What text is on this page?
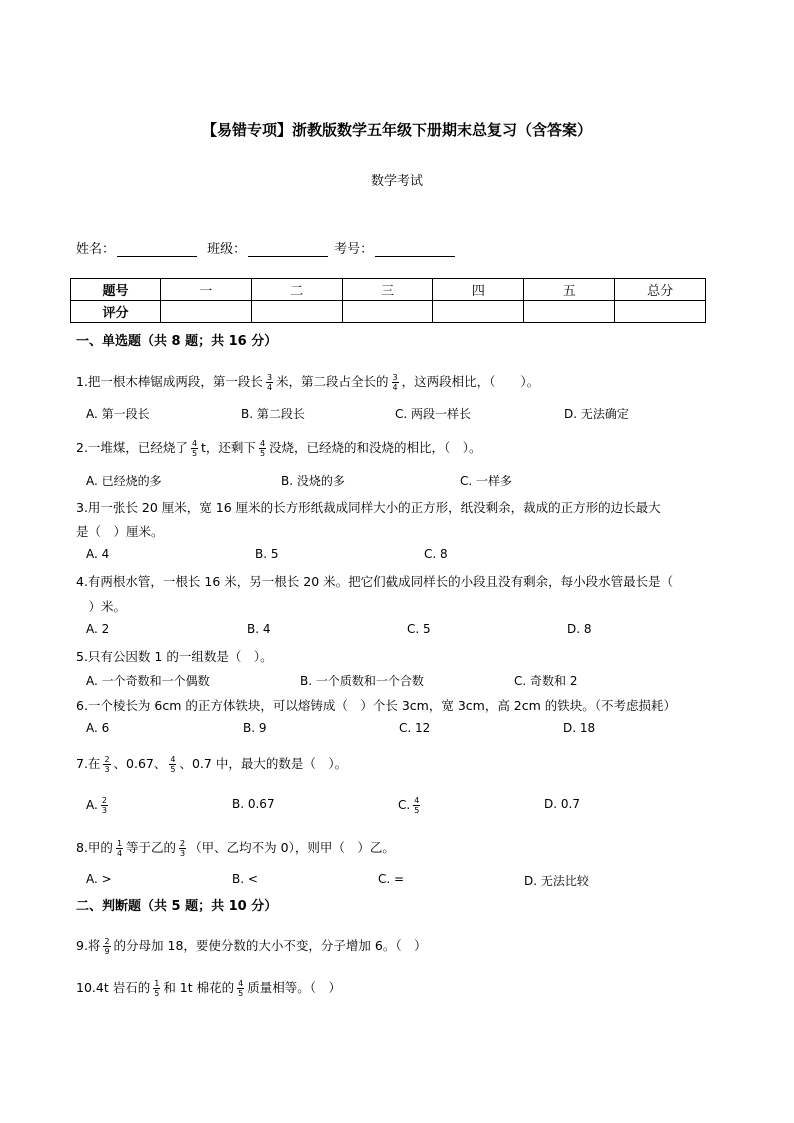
【易错专项】浙教版数学五年级下册期末总复习（含答案）
数学考试
姓名：	班级：	考号：
题号	一	二	三	四	五	总分
评分						
一、单选题（共 8 题；共 16 分）
1.把一根木棒锯成两段，第一段长 $\frac{3}{4}$ 米，第二段占全长的 $\frac{3}{4}$ ，这两段相比，（　　）。
A. 第一段长	B. 第二段长	C. 两段一样长	D. 无法确定
2.一堆煤，已经烧了 $\frac{4}{5}$ t，还剩下 $\frac{4}{5}$ 没烧，已经烧的和没烧的相比，（　）。
A. 已经烧的多	B. 没烧的多	C. 一样多
3.用一张长 20 厘米，宽 16 厘米的长方形纸裁成同样大小的正方形，纸没剩余，裁成的正方形的边长最大
是（　）厘米。
A. 4	B. 5	C. 8
4.有两根水管，一根长 16 米，另一根长 20 米。把它们截成同样长的小段且没有剩余，每小段水管最长是（
　）米。
A. 2	B. 4	C. 5	D. 8
5.只有公因数 1 的一组数是（　）。
A. 一个奇数和一个偶数	B. 一个质数和一个合数	C. 奇数和 2
6.一个棱长为 6cm 的正方体铁块，可以熔铸成（　）个长 3cm，宽 3cm，高 2cm 的铁块。（不考虑损耗）
A. 6	B. 9	C. 12	D. 18
7.在 $\frac{2}{3}$ 、0.67、 $\frac{4}{5}$ 、0.7 中，最大的数是（　）。
A. $\frac{2}{3}$	B. 0.67	C. $\frac{4}{5}$	D. 0.7
8.甲的 $\frac{1}{4}$ 等于乙的 $\frac{2}{3}$ （甲、乙均不为 0），则甲（　）乙。
A. >	B. <	C. =	D. 无法比较
二、判断题（共 5 题；共 10 分）
9.将 $\frac{2}{9}$ 的分母加 18，要使分数的大小不变，分子增加 6。（　）
10.4t 岩石的 $\frac{1}{5}$ 和 1t 棉花的 $\frac{4}{5}$ 质量相等。（　）
